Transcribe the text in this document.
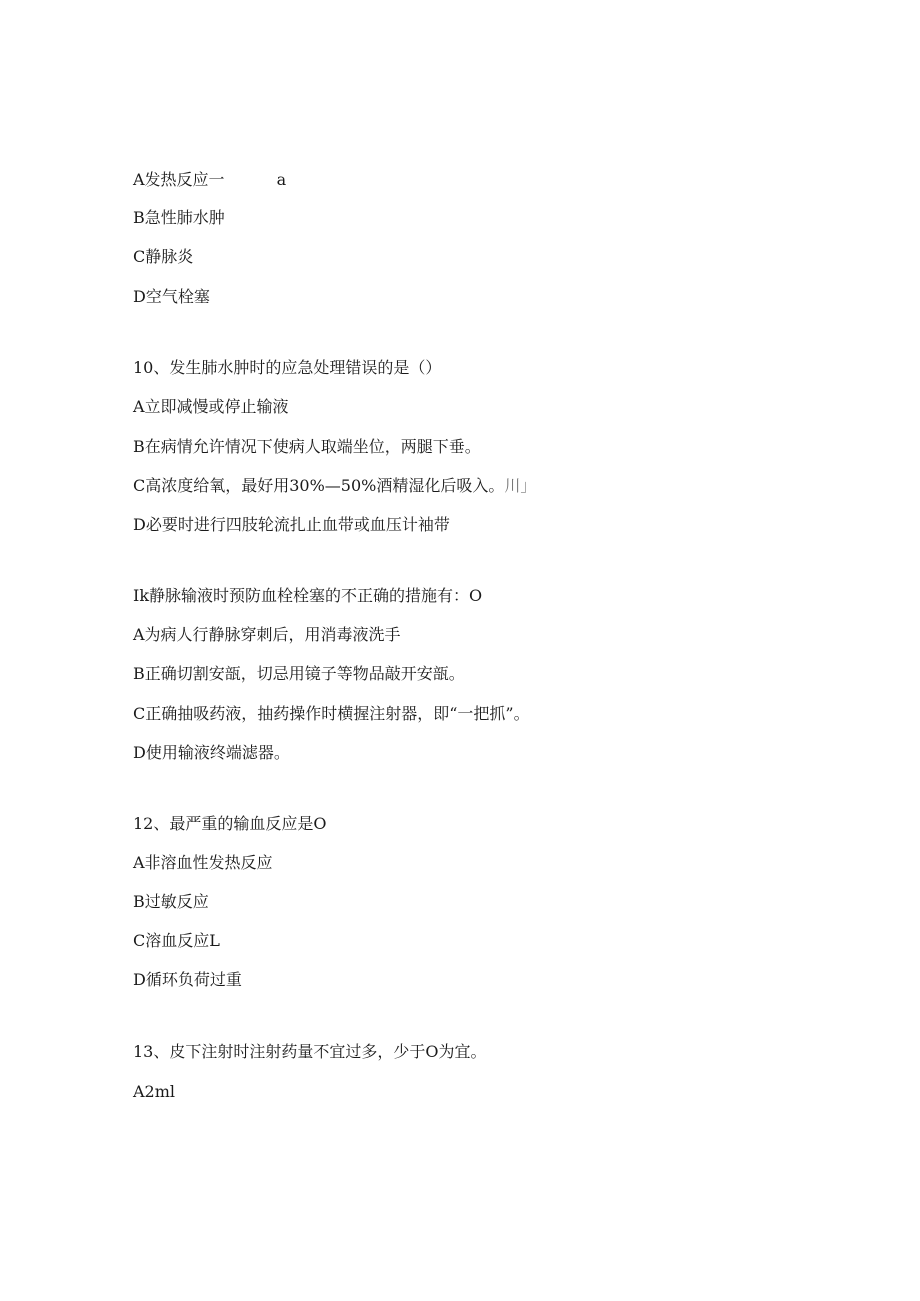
A发热反应一	a
B急性肺水肿
C静脉炎
D空气栓塞
10、发生肺水肿时的应急处理错误的是（）
A立即减慢或停止输液
B在病情允许情况下使病人取端坐位，两腿下垂。
C高浓度给氧，最好用30%—50%酒精湿化后吸入。川」
D必要时进行四肢轮流扎止血带或血压计袖带
Ik静脉输液时预防血栓栓塞的不正确的措施有：O
A为病人行静脉穿刺后，用消毒液洗手
B正确切割安瓿，切忌用镜子等物品敲开安瓿。
C正确抽吸药液，抽药操作时横握注射器，即“一把抓”。
D使用输液终端滤器。
12、最严重的输血反应是O
A非溶血性发热反应
B过敏反应
C溶血反应L
D循环负荷过重
13、皮下注射时注射药量不宜过多，少于O为宜。
A2ml
